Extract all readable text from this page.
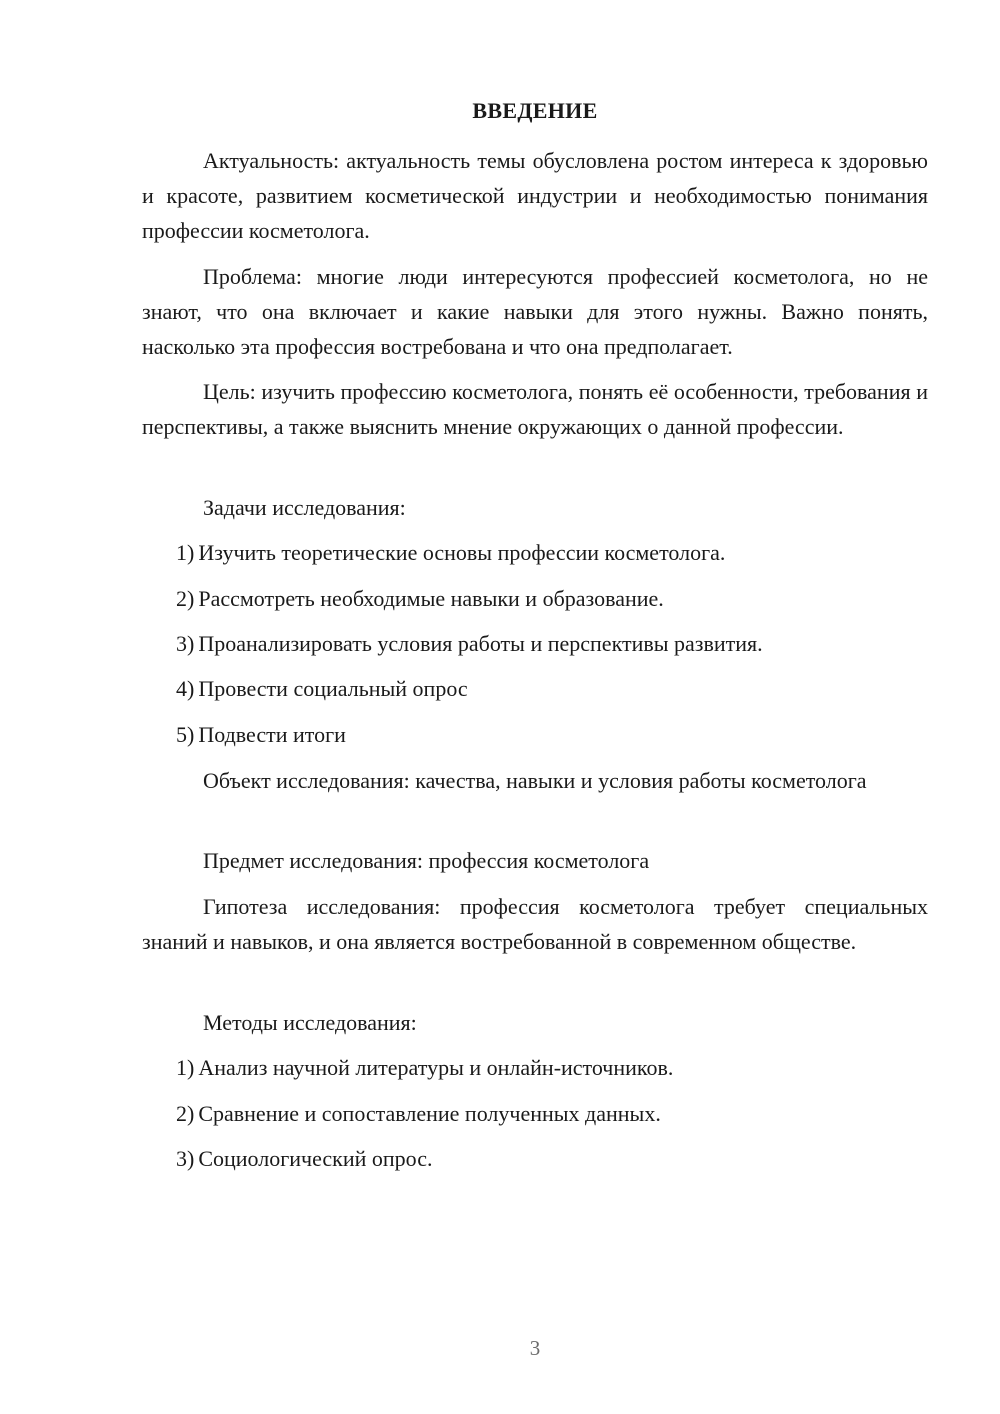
ВВЕДЕНИЕ

Актуальность: актуальность темы обусловлена ростом интереса к здоровью и красоте, развитием косметической индустрии и необходимостью понимания профессии косметолога.

Проблема: многие люди интересуются профессией косметолога, но не знают, что она включает и какие навыки для этого нужны. Важно понять, насколько эта профессия востребована и что она предполагает.

Цель: изучить профессию косметолога, понять её особенности, требования и перспективы, а также выяснить мнение окружающих о данной профессии.

Задачи исследования:

1) Изучить теоретические основы профессии косметолога.

2) Рассмотреть необходимые навыки и образование.

3) Проанализировать условия работы и перспективы развития.

4) Провести социальный опрос

5) Подвести итоги

Объект исследования: качества, навыки и условия работы косметолога

Предмет исследования: профессия косметолога

Гипотеза исследования: профессия косметолога требует специальных знаний и навыков, и она является востребованной в современном обществе.

Методы исследования:

1) Анализ научной литературы и онлайн-источников.

2) Сравнение и сопоставление полученных данных.

3) Социологический опрос.

3
